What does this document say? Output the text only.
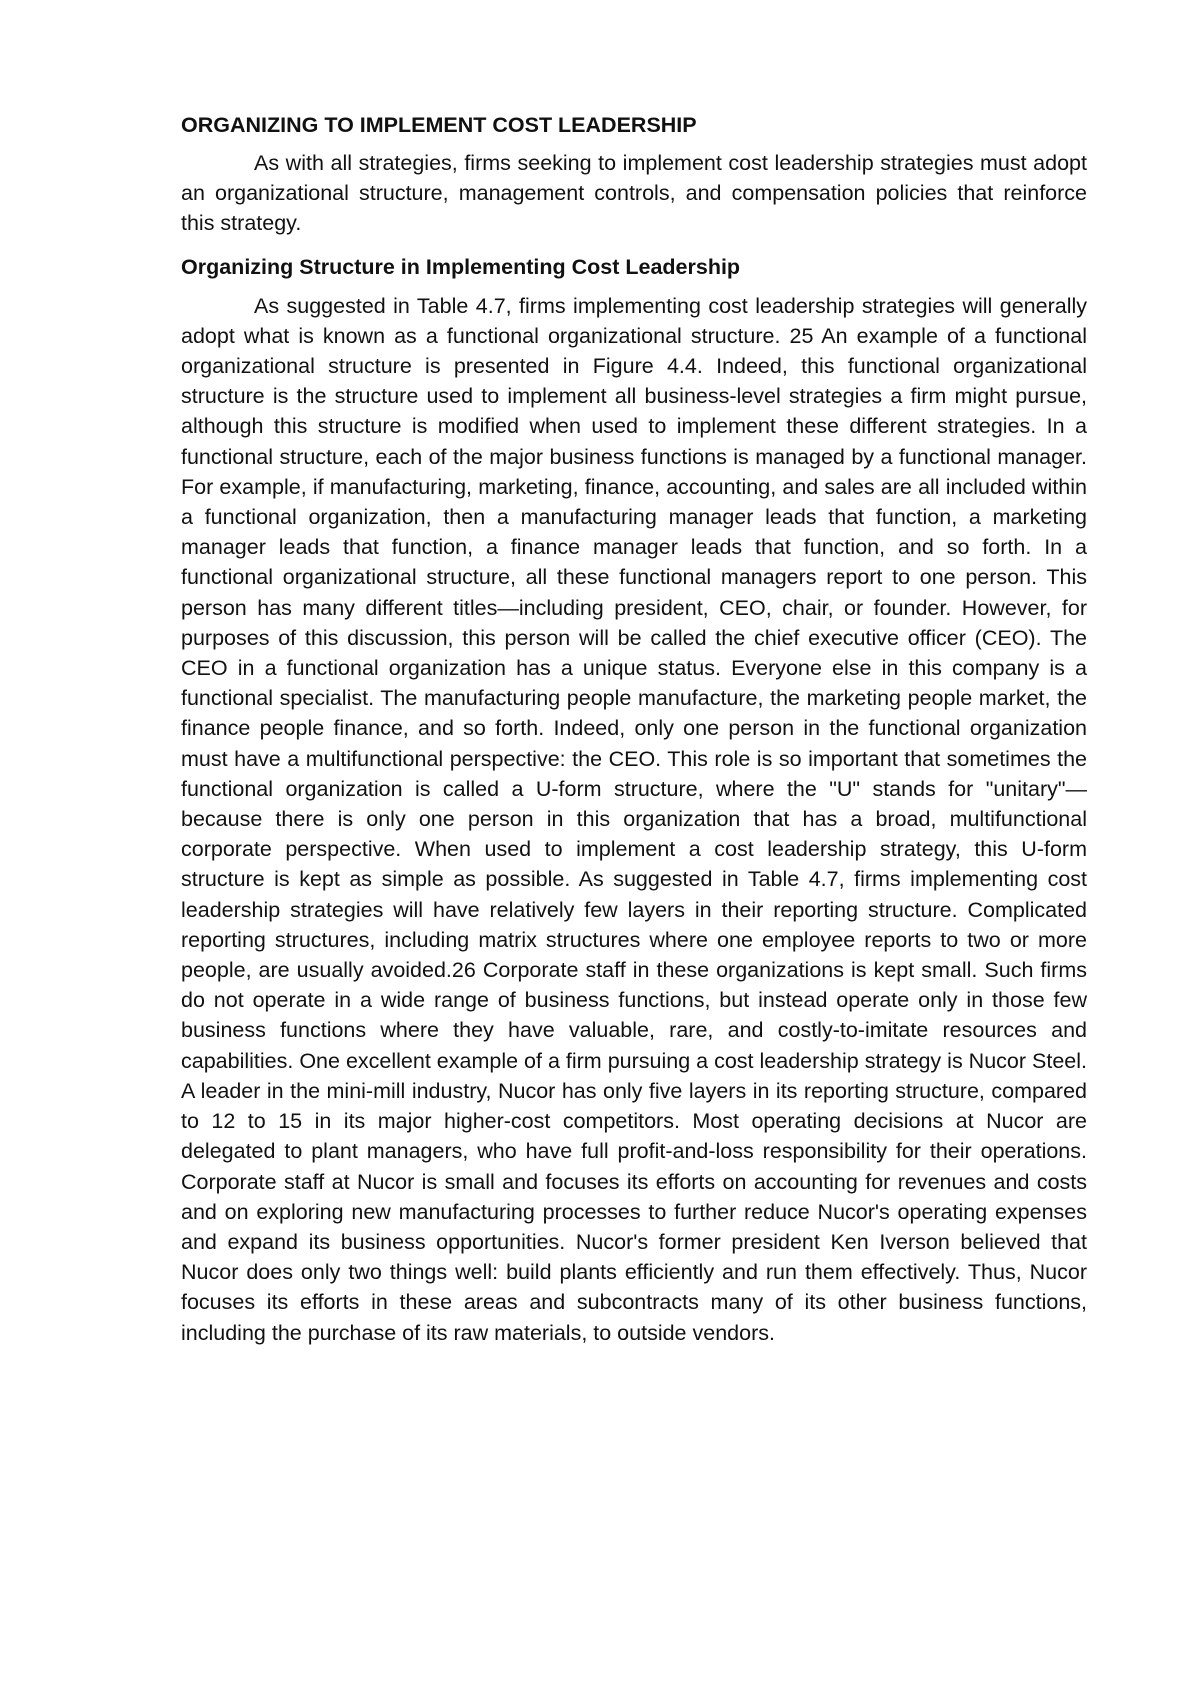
ORGANIZING TO IMPLEMENT COST LEADERSHIP

As with all strategies, firms seeking to implement cost leadership strategies must adopt an organizational structure, management controls, and compensation policies that reinforce this strategy.

Organizing Structure in Implementing Cost Leadership

As suggested in Table 4.7, firms implementing cost leadership strategies will generally adopt what is known as a functional organizational structure. 25 An example of a functional organizational structure is presented in Figure 4.4. Indeed, this functional organizational structure is the structure used to implement all business-level strategies a firm might pursue, although this structure is modified when used to implement these different strategies. In a functional structure, each of the major business functions is managed by a functional manager. For example, if manufacturing, marketing, finance, accounting, and sales are all included within a functional organization, then a manufacturing manager leads that function, a marketing manager leads that function, a finance manager leads that function, and so forth. In a functional organizational structure, all these functional managers report to one person. This person has many different titles—including president, CEO, chair, or founder. However, for purposes of this discussion, this person will be called the chief executive officer (CEO). The CEO in a functional organization has a unique status. Everyone else in this company is a functional specialist. The manufacturing people manufacture, the marketing people market, the finance people finance, and so forth. Indeed, only one person in the functional organization must have a multifunctional perspective: the CEO. This role is so important that sometimes the functional organization is called a U-form structure, where the "U" stands for "unitary"—because there is only one person in this organization that has a broad, multifunctional corporate perspective. When used to implement a cost leadership strategy, this U-form structure is kept as simple as possible. As suggested in Table 4.7, firms implementing cost leadership strategies will have relatively few layers in their reporting structure. Complicated reporting structures, including matrix structures where one employee reports to two or more people, are usually avoided.26 Corporate staff in these organizations is kept small. Such firms do not operate in a wide range of business functions, but instead operate only in those few business functions where they have valuable, rare, and costly-to-imitate resources and capabilities. One excellent example of a firm pursuing a cost leadership strategy is Nucor Steel. A leader in the mini-mill industry, Nucor has only five layers in its reporting structure, compared to 12 to 15 in its major higher-cost competitors. Most operating decisions at Nucor are delegated to plant managers, who have full profit-and-loss responsibility for their operations. Corporate staff at Nucor is small and focuses its efforts on accounting for revenues and costs and on exploring new manufacturing processes to further reduce Nucor's operating expenses and expand its business opportunities. Nucor's former president Ken Iverson believed that Nucor does only two things well: build plants efficiently and run them effectively. Thus, Nucor focuses its efforts in these areas and subcontracts many of its other business functions, including the purchase of its raw materials, to outside vendors.
